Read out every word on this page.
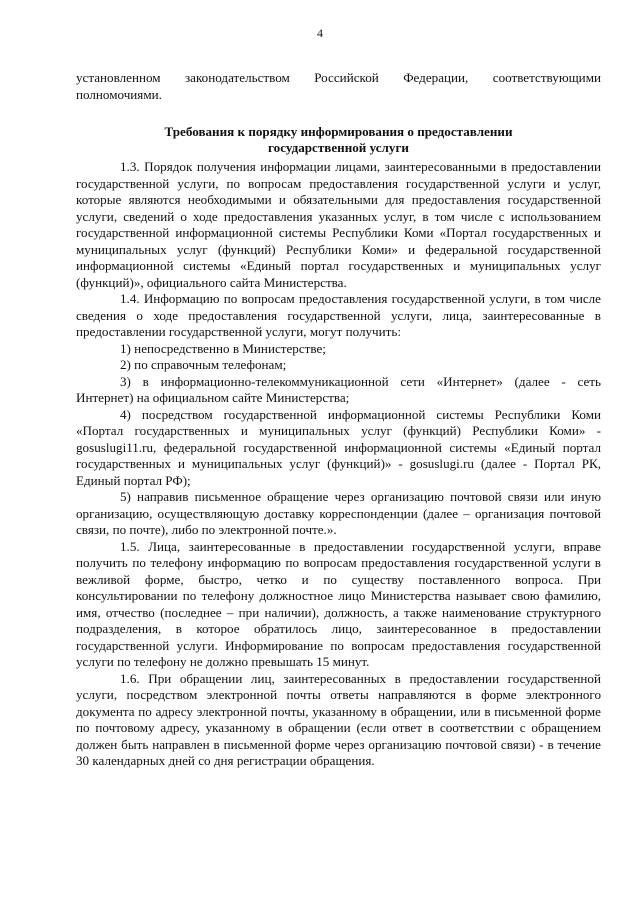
4

установленном законодательством Российской Федерации, соответствующими полномочиями.

Требования к порядку информирования о предоставлении
государственной услуги

1.3. Порядок получения информации лицами, заинтересованными в предоставлении государственной услуги, по вопросам предоставления государственной услуги и услуг, которые являются необходимыми и обязательными для предоставления государственной услуги, сведений о ходе предоставления указанных услуг, в том числе с использованием государственной информационной системы Республики Коми «Портал государственных и муниципальных услуг (функций) Республики Коми» и федеральной государственной информационной системы «Единый портал государственных и муниципальных услуг (функций)», официального сайта Министерства.

1.4. Информацию по вопросам предоставления государственной услуги, в том числе сведения о ходе предоставления государственной услуги, лица, заинтересованные в предоставлении государственной услуги, могут получить:

1) непосредственно в Министерстве;

2) по справочным телефонам;

3) в информационно-телекоммуникационной сети «Интернет» (далее - сеть Интернет) на официальном сайте Министерства;

4) посредством государственной информационной системы Республики Коми «Портал государственных и муниципальных услуг (функций) Республики Коми» - gosuslugi11.ru, федеральной государственной информационной системы «Единый портал государственных и муниципальных услуг (функций)» - gosuslugi.ru (далее - Портал РК, Единый портал РФ);

5) направив письменное обращение через организацию почтовой связи или иную организацию, осуществляющую доставку корреспонденции (далее – организация почтовой связи, по почте), либо по электронной почте.».

1.5. Лица, заинтересованные в предоставлении государственной услуги, вправе получить по телефону информацию по вопросам предоставления государственной услуги в вежливой форме, быстро, четко и по существу поставленного вопроса. При консультировании по телефону должностное лицо Министерства называет свою фамилию, имя, отчество (последнее – при наличии), должность, а также наименование структурного подразделения, в которое обратилось лицо, заинтересованное в предоставлении государственной услуги. Информирование по вопросам предоставления государственной услуги по телефону не должно превышать 15 минут.

1.6. При обращении лиц, заинтересованных в предоставлении государственной услуги, посредством электронной почты ответы направляются в форме электронного документа по адресу электронной почты, указанному в обращении, или в письменной форме по почтовому адресу, указанному в обращении (если ответ в соответствии с обращением должен быть направлен в письменной форме через организацию почтовой связи) - в течение 30 календарных дней со дня регистрации обращения.
